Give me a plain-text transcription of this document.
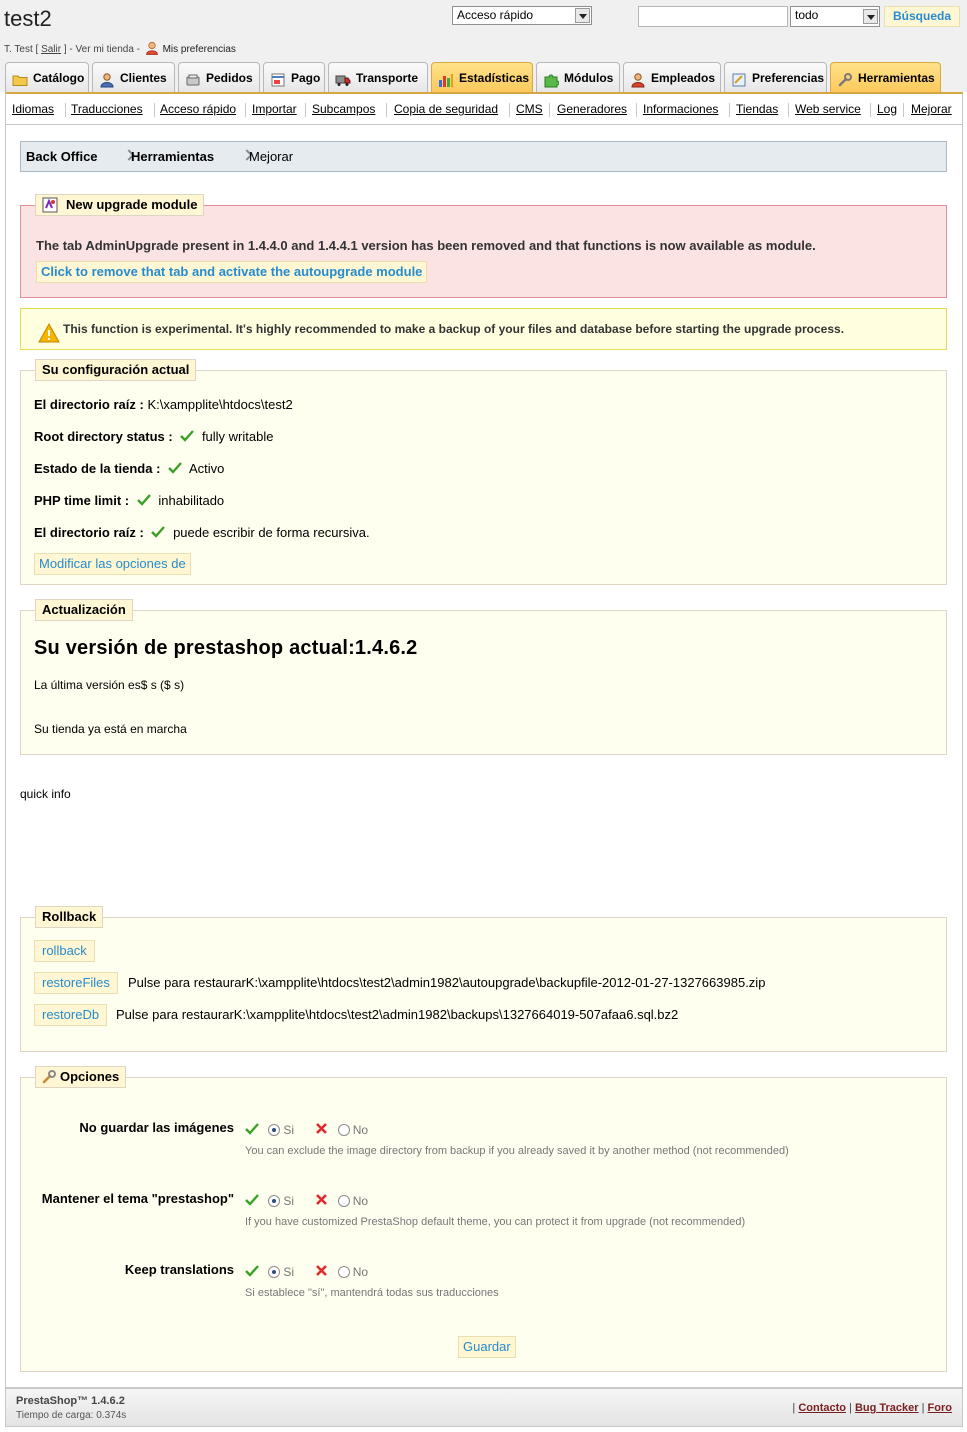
test2
T. Test [ Salir ] - Ver mi tienda - Mis preferencias
Acceso rápido	todo	Búsqueda
Catálogo	Clientes	Pedidos	Pago	Transporte	Estadísticas	Módulos	Empleados	Preferencias	Herramientas
Idiomas Traducciones Acceso rápido Importar Subcampos Copia de seguridad CMS Generadores Informaciones Tiendas Web service Log Mejorar
Back Office	Herramientas	Mejorar
New upgrade module
The tab AdminUpgrade present in 1.4.4.0 and 1.4.4.1 version has been removed and that functions is now available as module.
Click to remove that tab and activate the autoupgrade module
This function is experimental. It's highly recommended to make a backup of your files and database before starting the upgrade process.
Su configuración actual
El directorio raíz : K:\xampplite\htdocs\test2
Root directory status : fully writable
Estado de la tienda : Activo
PHP time limit : inhabilitado
El directorio raíz : puede escribir de forma recursiva.
Modificar las opciones de
Actualización
Su versión de prestashop actual:1.4.6.2
La última versión es$ s ($ s)
Su tienda ya está en marcha
quick info
Rollback
rollback
restoreFiles	Pulse para restaurarK:\xampplite\htdocs\test2\admin1982\autoupgrade\backupfile-2012-01-27-1327663985.zip
restoreDb	Pulse para restaurarK:\xampplite\htdocs\test2\admin1982\backups\1327664019-507afaa6.sql.bz2
Opciones
No guardar las imágenes	Si	No
You can exclude the image directory from backup if you already saved it by another method (not recommended)
Mantener el tema "prestashop"	Si	No
If you have customized PrestaShop default theme, you can protect it from upgrade (not recommended)
Keep translations	Si	No
Si establece "sí", mantendrá todas sus traducciones
Guardar
PrestaShop™ 1.4.6.2
Tiempo de carga: 0.374s
| Contacto | Bug Tracker | Foro
